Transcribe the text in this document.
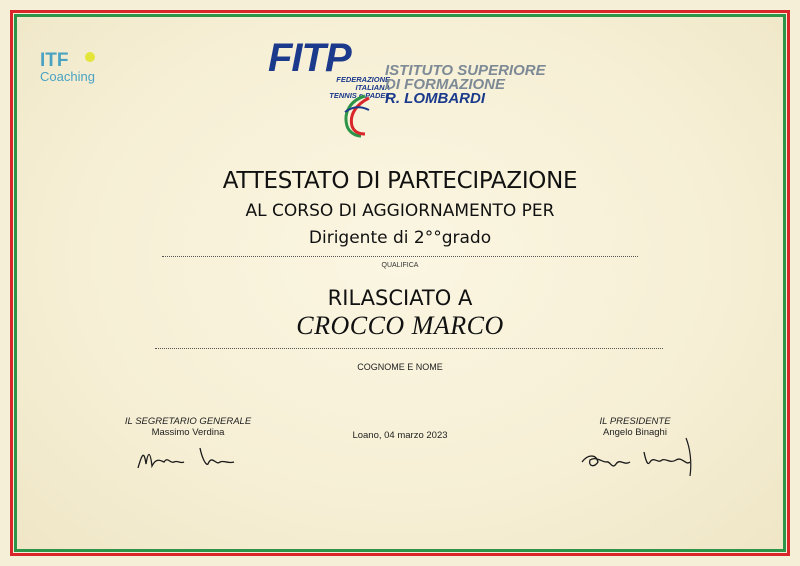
ITF
Coaching	FITP
FEDERAZIONE
ITALIANA
TENNIS e PADEL
ISTITUTO SUPERIORE
DI FORMAZIONE
R. LOMBARDI
ATTESTATO DI PARTECIPAZIONE
AL CORSO DI AGGIORNAMENTO PER
Dirigente di 2°°grado
QUALIFICA
RILASCIATO A
CROCCO MARCO
COGNOME E NOME
IL SEGRETARIO GENERALE
Massimo Verdina	Loano, 04 marzo 2023
IL PRESIDENTE
Angelo Binaghi
